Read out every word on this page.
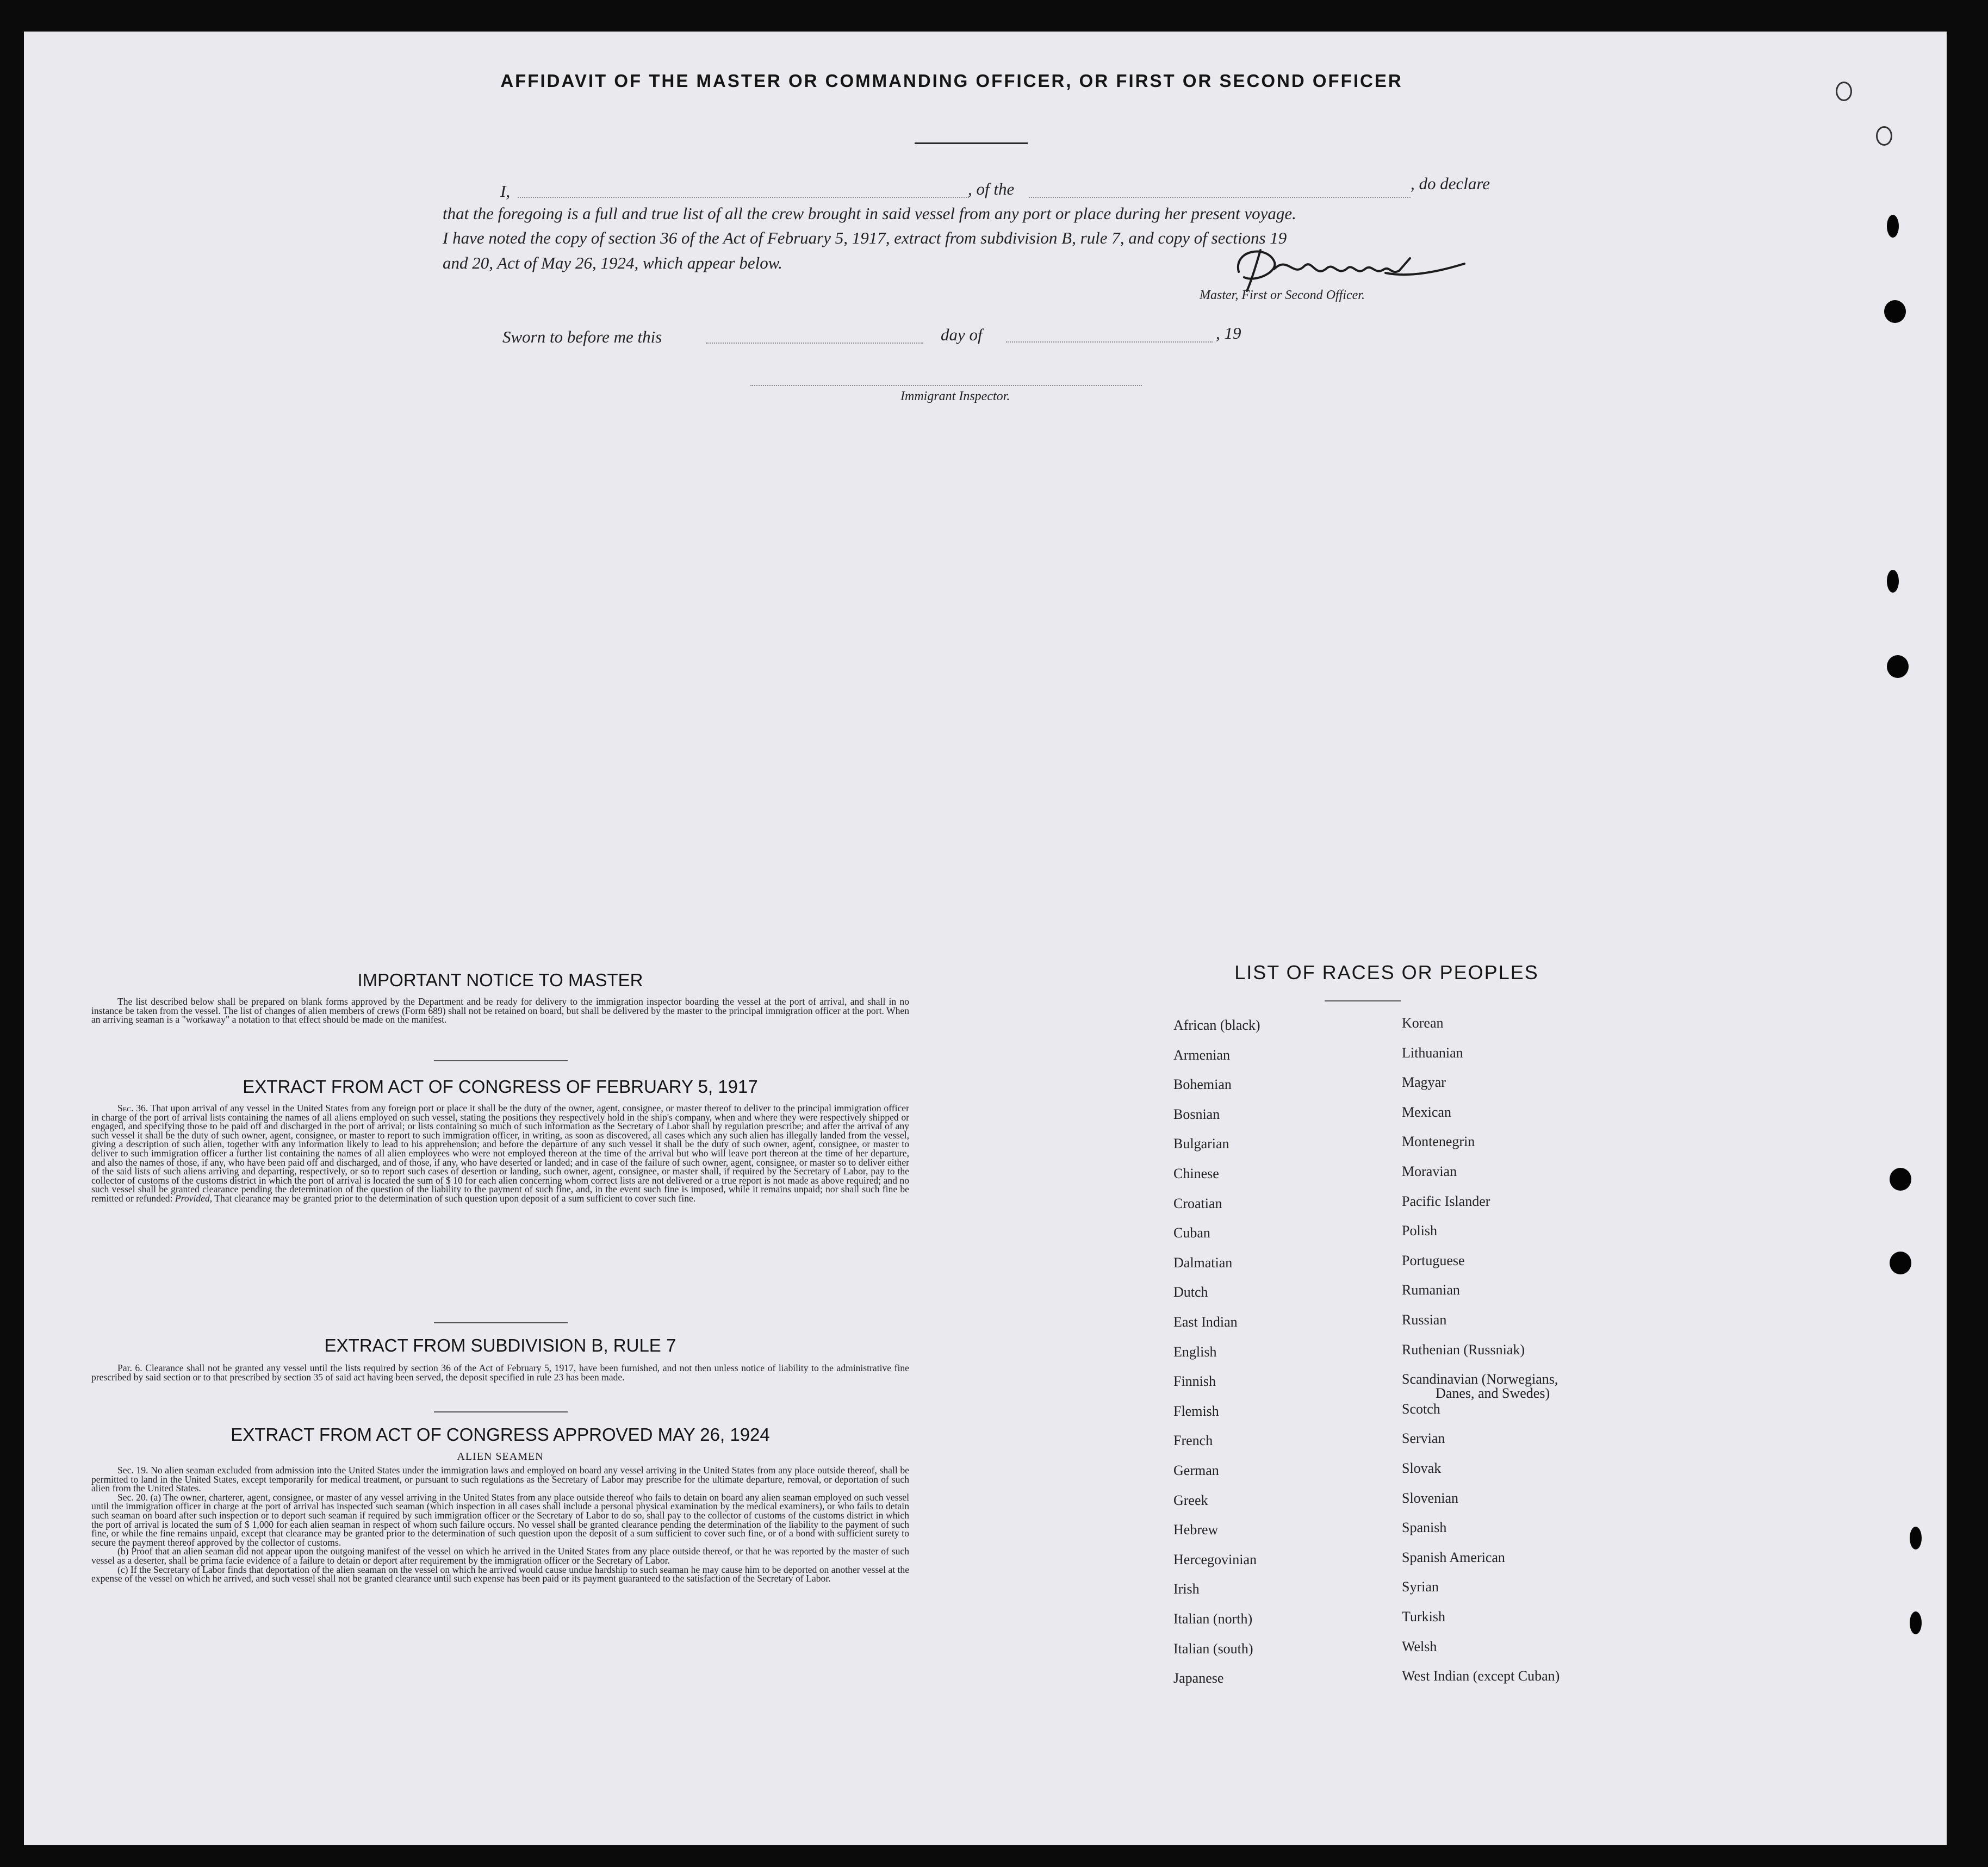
AFFIDAVIT OF THE MASTER OR COMMANDING OFFICER, OR FIRST OR SECOND OFFICER
I,	, of the	, do declare
that the foregoing is a full and true list of all the crew brought in said vessel from any port or place during her present voyage.
I have noted the copy of section 36 of the Act of February 5, 1917, extract from subdivision B, rule 7, and copy of sections 19
and 20, Act of May 26, 1924, which appear below.
Master, First or Second Officer.
Sworn to before me this	day of	, 19
Immigrant Inspector.
IMPORTANT NOTICE TO MASTER
The list described below shall be prepared on blank forms approved by the Department and be ready for delivery to the immigration inspector boarding the vessel at the port of arrival, and shall in no instance be taken from the vessel. The list of changes of alien members of crews (Form 689) shall not be retained on board, but shall be delivered by the master to the principal immigration officer at the port. When an arriving seaman is a "workaway" a notation to that effect should be made on the manifest.
EXTRACT FROM ACT OF CONGRESS OF FEBRUARY 5, 1917
Sec. 36. That upon arrival of any vessel in the United States from any foreign port or place it shall be the duty of the owner, agent, consignee, or master thereof to deliver to the principal immigration officer in charge of the port of arrival lists containing the names of all aliens employed on such vessel, stating the positions they respectively hold in the ship's company, when and where they were respectively shipped or engaged, and specifying those to be paid off and discharged in the port of arrival; or lists containing so much of such information as the Secretary of Labor shall by regulation prescribe; and after the arrival of any such vessel it shall be the duty of such owner, agent, consignee, or master to report to such immigration officer, in writing, as soon as discovered, all cases which any such alien has illegally landed from the vessel, giving a description of such alien, together with any information likely to lead to his apprehension; and before the departure of any such vessel it shall be the duty of such owner, agent, consignee, or master to deliver to such immigration officer a further list containing the names of all alien employees who were not employed thereon at the time of the arrival but who will leave port thereon at the time of her departure, and also the names of those, if any, who have been paid off and discharged, and of those, if any, who have deserted or landed; and in case of the failure of such owner, agent, consignee, or master so to deliver either of the said lists of such aliens arriving and departing, respectively, or so to report such cases of desertion or landing, such owner, agent, consignee, or master shall, if required by the Secretary of Labor, pay to the collector of customs of the customs district in which the port of arrival is located the sum of $ 10 for each alien concerning whom correct lists are not delivered or a true report is not made as above required; and no such vessel shall be granted clearance pending the determination of the question of the liability to the payment of such fine, and, in the event such fine is imposed, while it remains unpaid; nor shall such fine be remitted or refunded: Provided, That clearance may be granted prior to the determination of such question upon deposit of a sum sufficient to cover such fine.
EXTRACT FROM SUBDIVISION B, RULE 7
Par. 6. Clearance shall not be granted any vessel until the lists required by section 36 of the Act of February 5, 1917, have been furnished, and not then unless notice of liability to the administrative fine prescribed by said section or to that prescribed by section 35 of said act having been served, the deposit specified in rule 23 has been made.
EXTRACT FROM ACT OF CONGRESS APPROVED MAY 26, 1924
ALIEN SEAMEN
Sec. 19. No alien seaman excluded from admission into the United States under the immigration laws and employed on board any vessel arriving in the United States from any place outside thereof, shall be permitted to land in the United States, except temporarily for medical treatment, or pursuant to such regulations as the Secretary of Labor may prescribe for the ultimate departure, removal, or deportation of such alien from the United States.
Sec. 20. (a) The owner, charterer, agent, consignee, or master of any vessel arriving in the United States from any place outside thereof who fails to detain on board any alien seaman employed on such vessel until the immigration officer in charge at the port of arrival has inspected such seaman (which inspection in all cases shall include a personal physical examination by the medical examiners), or who fails to detain such seaman on board after such inspection or to deport such seaman if required by such immigration officer or the Secretary of Labor to do so, shall pay to the collector of customs of the customs district in which the port of arrival is located the sum of $ 1,000 for each alien seaman in respect of whom such failure occurs. No vessel shall be granted clearance pending the determination of the liability to the payment of such fine, or while the fine remains unpaid, except that clearance may be granted prior to the determination of such question upon the deposit of a sum sufficient to cover such fine, or of a bond with sufficient surety to secure the payment thereof approved by the collector of customs.
(b) Proof that an alien seaman did not appear upon the outgoing manifest of the vessel on which he arrived in the United States from any place outside thereof, or that he was reported by the master of such vessel as a deserter, shall be prima facie evidence of a failure to detain or deport after requirement by the immigration officer or the Secretary of Labor.
(c) If the Secretary of Labor finds that deportation of the alien seaman on the vessel on which he arrived would cause undue hardship to such seaman he may cause him to be deported on another vessel at the expense of the vessel on which he arrived, and such vessel shall not be granted clearance until such expense has been paid or its payment guaranteed to the satisfaction of the Secretary of Labor.
LIST OF RACES OR PEOPLES
African (black)
Armenian
Bohemian
Bosnian
Bulgarian
Chinese
Croatian
Cuban
Dalmatian
Dutch
East Indian
English
Finnish
Flemish
French
German
Greek
Hebrew
Hercegovinian
Irish
Italian (north)
Italian (south)
Japanese
Korean
Lithuanian
Magyar
Mexican
Montenegrin
Moravian
Pacific Islander
Polish
Portuguese
Rumanian
Russian
Ruthenian (Russniak)
Scandinavian (Norwegians,
Danes, and Swedes)
Scotch
Servian
Slovak
Slovenian
Spanish
Spanish American
Syrian
Turkish
Welsh
West Indian (except Cuban)
